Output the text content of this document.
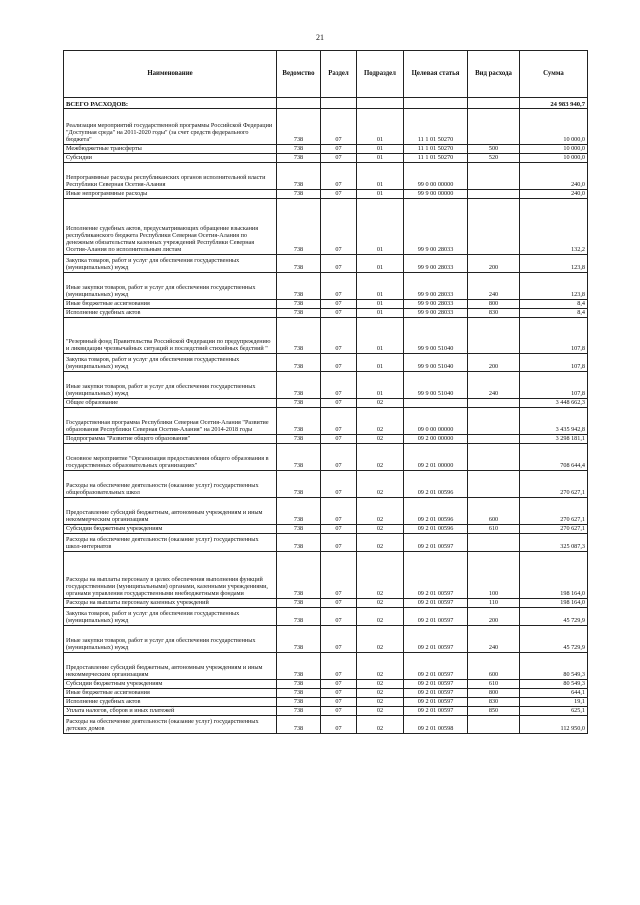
21
Наименование	Ведомство	Раздел	Подраздел	Целевая статья	Вид расхода	Сумма
ВСЕГО РАСХОДОВ:						24 983 940,7
Реализация мероприятий государственной программы Российской Федерации "Доступная среда" на 2011-2020 годы" (за счет средств федерального бюджета"	738	07	01	11 1 01 50270		10 000,0
Межбюджетные трансферты	738	07	01	11 1 01 50270	500	10 000,0
Субсидии	738	07	01	11 1 01 50270	520	10 000,0
Непрограммные расходы республиканских органов исполнительной власти Республики Северная Осетия-Алания	738	07	01	99 0 00 00000		240,0
Иные непрограммные расходы	738	07	01	99 9 00 00000		240,0
Исполнение судебных актов, предусматривающих обращение взыскания республиканского бюджета Республики Северная Осетия-Алания по денежным обязательствам казенных учреждений Республики Северная Осетия-Алания по исполнительным листам	738	07	01	99 9 00 28033		132,2
Закупка товаров, работ и услуг для обеспечения государственных (муниципальных) нужд	738	07	01	99 9 00 28033	200	123,8
Иные закупки товаров, работ и услуг для обеспечения государственных (муниципальных) нужд	738	07	01	99 9 00 28033	240	123,8
Иные бюджетные ассигнования	738	07	01	99 9 00 28033	800	8,4
Исполнение судебных актов	738	07	01	99 9 00 28033	830	8,4
"Резервный фонд Правительства Российской Федерации по предупреждению и ликвидации чрезвычайных ситуаций и последствий стихийных бедствий "	738	07	01	99 9 00 51040		107,8
Закупка товаров, работ и услуг для обеспечения государственных (муниципальных) нужд	738	07	01	99 9 00 51040	200	107,8
Иные закупки товаров, работ и услуг для обеспечения государственных (муниципальных) нужд	738	07	01	99 9 00 51040	240	107,8
Общее образование	738	07	02			3 448 662,3
Государственная программа Республики Северная Осетия-Алания "Развитие образования Республики Северная Осетия-Алания" на 2014-2018 годы	738	07	02	09 0 00 00000		3 435 942,8
Подпрограмма "Развитие общего образования"	738	07	02	09 2 00 00000		3 298 181,1
Основное мероприятие "Организация предоставления общего образования в государственных образовательных организациях"	738	07	02	09 2 01 00000		708 644,4
Расходы на обеспечение деятельности (оказание услуг) государственных общеобразовательных школ	738	07	02	09 2 01 00596		270 627,1
Предоставление субсидий бюджетным, автономным учреждениям и иным некоммерческим организациям	738	07	02	09 2 01 00596	600	270 627,1
Субсидии бюджетным учреждениям	738	07	02	09 2 01 00596	610	270 627,1
Расходы на обеспечение деятельности (оказание услуг) государственных школ-интернатов	738	07	02	09 2 01 00597		325 087,3
Расходы на выплаты персоналу в целях обеспечения выполнения функций государственными (муниципальными) органами, казенными учреждениями, органами управления государственными внебюджетными фондами	738	07	02	09 2 01 00597	100	198 164,0
Расходы на выплаты персоналу казенных учреждений	738	07	02	09 2 01 00597	110	198 164,0
Закупка товаров, работ и услуг для обеспечения государственных (муниципальных) нужд	738	07	02	09 2 01 00597	200	45 729,9
Иные закупки товаров, работ и услуг для обеспечения государственных (муниципальных) нужд	738	07	02	09 2 01 00597	240	45 729,9
Предоставление субсидий бюджетным, автономным учреждениям и иным некоммерческим организациям	738	07	02	09 2 01 00597	600	80 549,3
Субсидии бюджетным учреждениям	738	07	02	09 2 01 00597	610	80 549,3
Иные бюджетные ассигнования	738	07	02	09 2 01 00597	800	644,1
Исполнение судебных актов	738	07	02	09 2 01 00597	830	19,1
Уплата налогов, сборов и иных платежей	738	07	02	09 2 01 00597	850	625,1
Расходы на обеспечение деятельности (оказание услуг) государственных детских домов	738	07	02	09 2 01 00598		112 950,0
